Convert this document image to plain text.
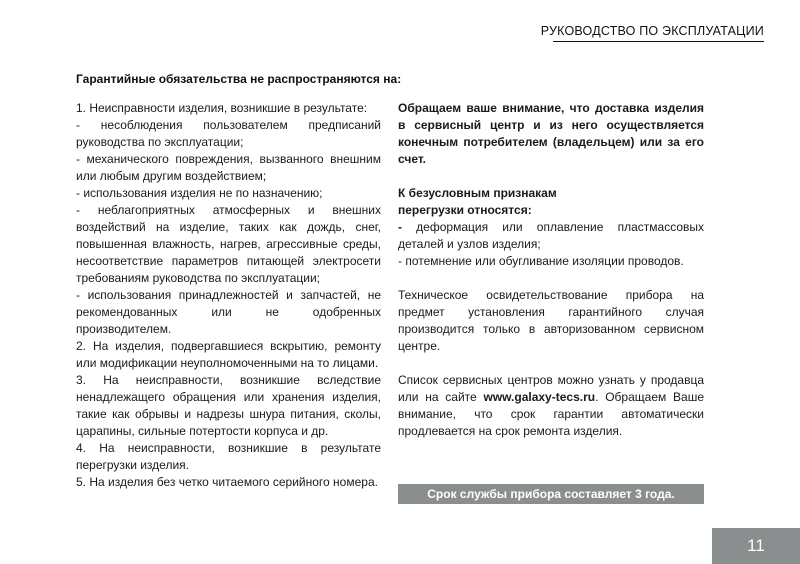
РУКОВОДСТВО ПО ЭКСПЛУАТАЦИИ
Гарантийные обязательства не распространяются на:

1. Неисправности изделия, возникшие в результате:

- несоблюдения пользователем предписаний руководства по эксплуатации;

- механического повреждения, вызванного внешним или любым другим воздействием;

- использования изделия не по назначению;

- неблагоприятных атмосферных и внешних воздействий на изделие, таких как дождь, снег, повышенная влажность, нагрев, агрессивные среды, несоответствие параметров питающей электросети требованиям руководства по эксплуатации;

- использования принадлежностей и запчастей, не рекомендованных или не одобренных производителем.

2. На изделия, подвергавшиеся вскрытию, ремонту или модификации неуполномоченными на то лицами.

3. На неисправности, возникшие вследствие ненадлежащего обращения или хранения изделия, такие как обрывы и надрезы шнура питания, сколы, царапины, сильные потертости корпуса и др.

4. На неисправности, возникшие в результате перегрузки изделия.

5. На изделия без четко читаемого серийного номера.

Обращаем ваше внимание, что доставка изделия в сервисный центр и из него осуществляется конечным потребителем (владельцем) или за его счет.

К безусловным признакам

перегрузки относятся:

- деформация или оплавление пластмассовых деталей и узлов изделия;

- потемнение или обугливание изоляции проводов.

Техническое освидетельствование прибора на предмет установления гарантийного случая производится только в авторизованном сервисном центре.

Список сервисных центров можно узнать у продавца или на сайте www.galaxy-tecs.ru. Обращаем Ваше внимание, что срок гарантии автоматически продлевается на срок ремонта изделия.

Срок службы прибора составляет 3 года.
11
